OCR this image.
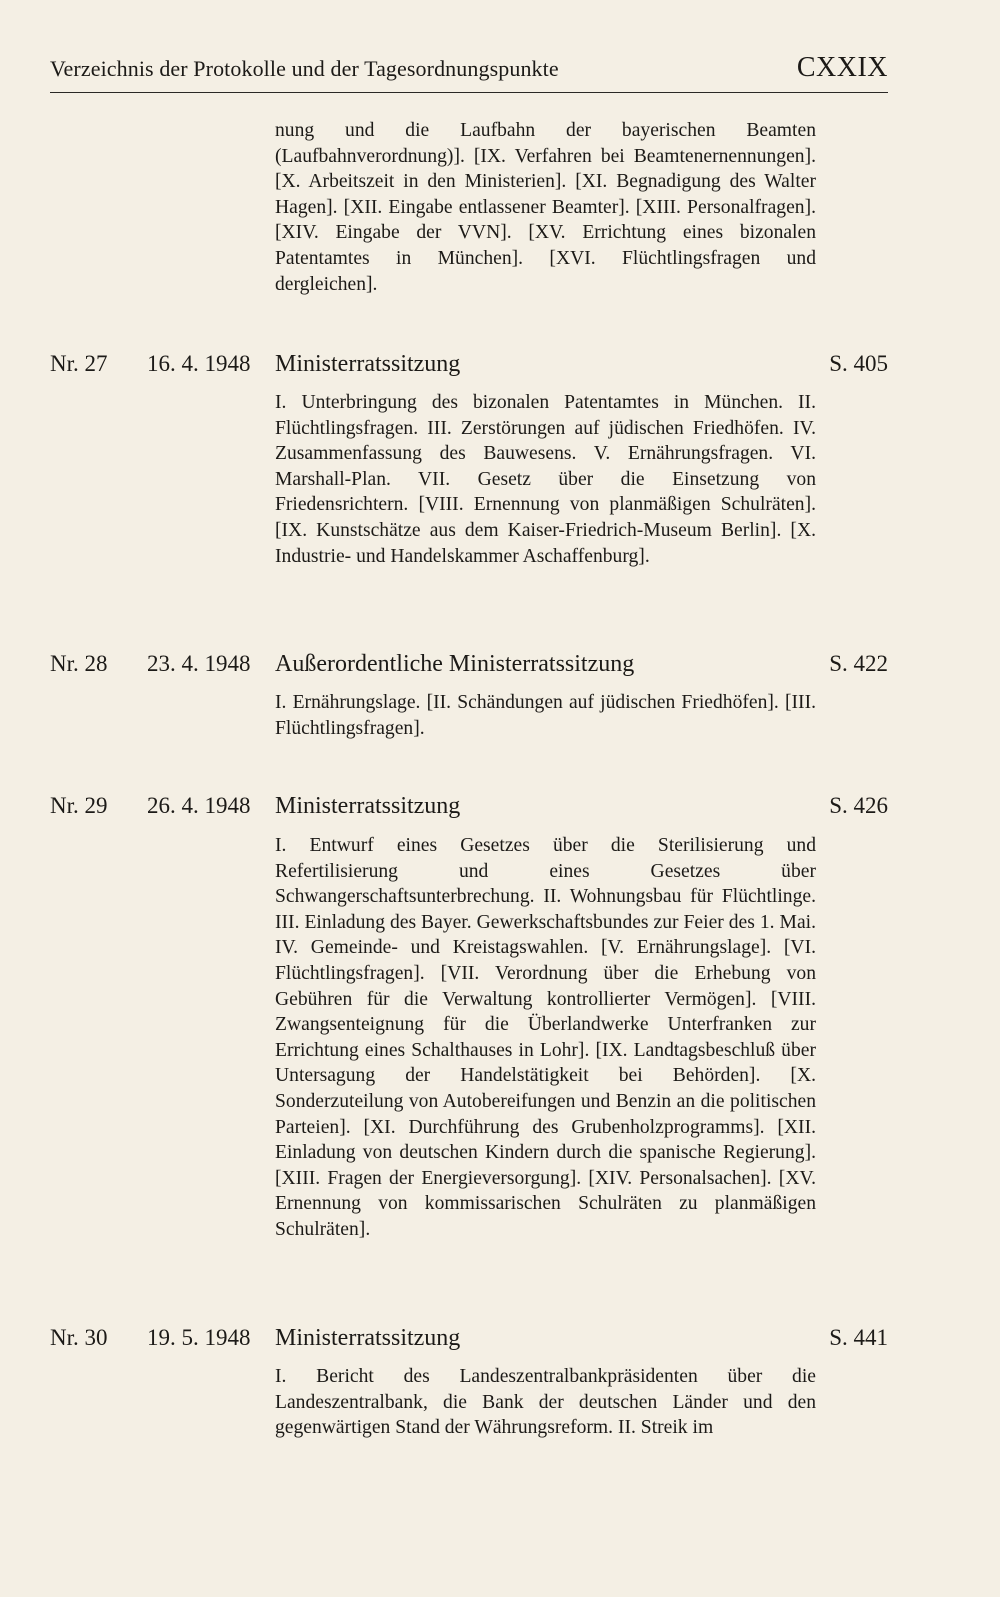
Verzeichnis der Protokolle und der Tagesordnungspunkte	CXXIX
nung und die Laufbahn der bayerischen Beamten (Laufbahnverordnung)]. [IX. Verfahren bei Beamtenernennungen]. [X. Arbeitszeit in den Ministerien]. [XI. Begnadigung des Walter Hagen]. [XII. Eingabe entlassener Beamter]. [XIII. Personalfragen]. [XIV. Eingabe der VVN]. [XV. Errichtung eines bizonalen Patentamtes in München]. [XVI. Flüchtlingsfragen und dergleichen].
Nr. 27 16. 4. 1948 Ministerratssitzung	S. 405
I. Unterbringung des bizonalen Patentamtes in München. II. Flüchtlingsfragen. III. Zerstörungen auf jüdischen Friedhöfen. IV. Zusammenfassung des Bauwesens. V. Ernährungsfragen. VI. Marshall-Plan. VII. Gesetz über die Einsetzung von Friedensrichtern. [VIII. Ernennung von planmäßigen Schulräten]. [IX. Kunstschätze aus dem Kaiser-Friedrich-Museum Berlin]. [X. Industrie- und Handelskammer Aschaffenburg].
Nr. 28 23. 4. 1948 Außerordentliche Ministerratssitzung	S. 422
I. Ernährungslage. [II. Schändungen auf jüdischen Friedhöfen]. [III. Flüchtlingsfragen].
Nr. 29 26. 4. 1948 Ministerratssitzung	S. 426
I. Entwurf eines Gesetzes über die Sterilisierung und Refertilisierung und eines Gesetzes über Schwangerschaftsunterbrechung. II. Wohnungsbau für Flüchtlinge. III. Einladung des Bayer. Gewerkschaftsbundes zur Feier des 1. Mai. IV. Gemeinde- und Kreistagswahlen. [V. Ernährungslage]. [VI. Flüchtlingsfragen]. [VII. Verordnung über die Erhebung von Gebühren für die Verwaltung kontrollierter Vermögen]. [VIII. Zwangsenteignung für die Überlandwerke Unterfranken zur Errichtung eines Schalthauses in Lohr]. [IX. Landtagsbeschluß über Untersagung der Handelstätigkeit bei Behörden]. [X. Sonderzuteilung von Autobereifungen und Benzin an die politischen Parteien]. [XI. Durchführung des Grubenholzprogramms]. [XII. Einladung von deutschen Kindern durch die spanische Regierung]. [XIII. Fragen der Energieversorgung]. [XIV. Personalsachen]. [XV. Ernennung von kommissarischen Schulräten zu planmäßigen Schulräten].
Nr. 30 19. 5. 1948 Ministerratssitzung	S. 441
I. Bericht des Landeszentralbankpräsidenten über die Landeszentralbank, die Bank der deutschen Länder und den gegenwärtigen Stand der Währungsreform. II. Streik im
